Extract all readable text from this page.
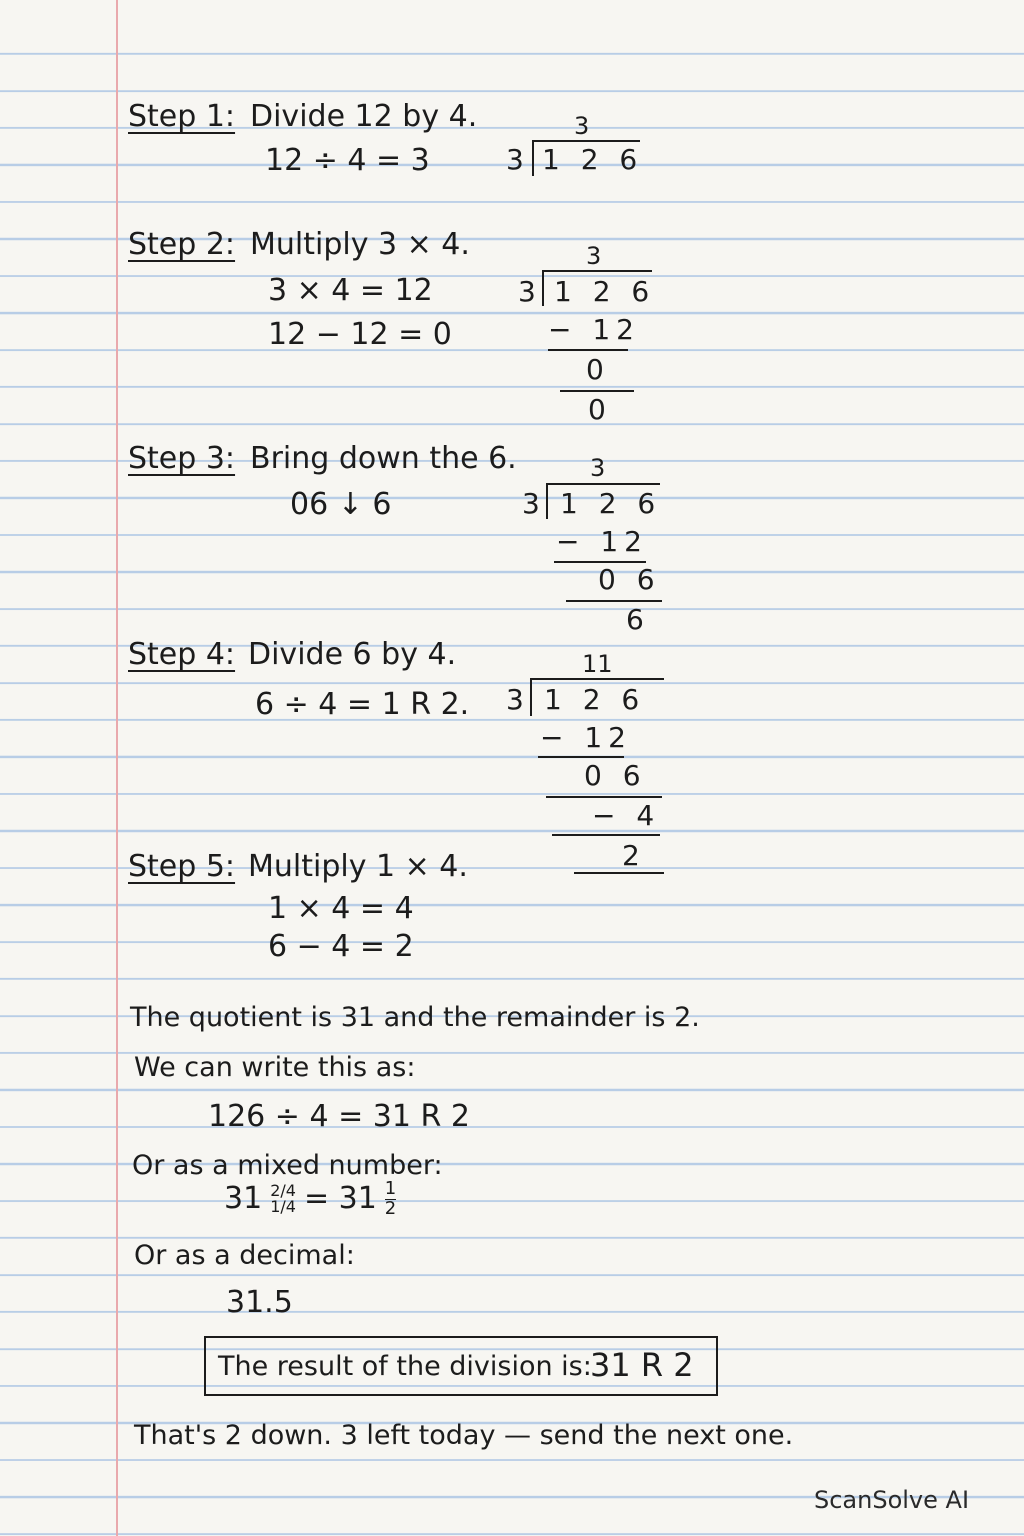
Step 1: Divide 12 by 4.
12 ÷ 4 = 3
3
3 1 2 6
Step 2: Multiply 3 × 4.
3 × 4 = 12
12 − 12 = 0
3
3 1 2 6
− 12
0
0
Step 3: Bring down the 6.
06 ↓ 6
3
3 1 2 6
− 12
0 6
6
Step 4: Divide 6 by 4.
6 ÷ 4 = 1 R 2.
11
3 1 2 6
− 12
0 6
− 4
2
Step 5: Multiply 1 × 4.
1 × 4 = 4
6 − 4 = 2
The quotient is 31 and the remainder is 2.
We can write this as:
126 ÷ 4 = 31 R 2
Or as a mixed number:
31 2/4
$1/4 = 31 \frac{1}{2}$
Or as a decimal:
31.5
The result of the division is:
31 R 2
That's 2 down. 3 left today — send the next one.
ScanSolve AI
